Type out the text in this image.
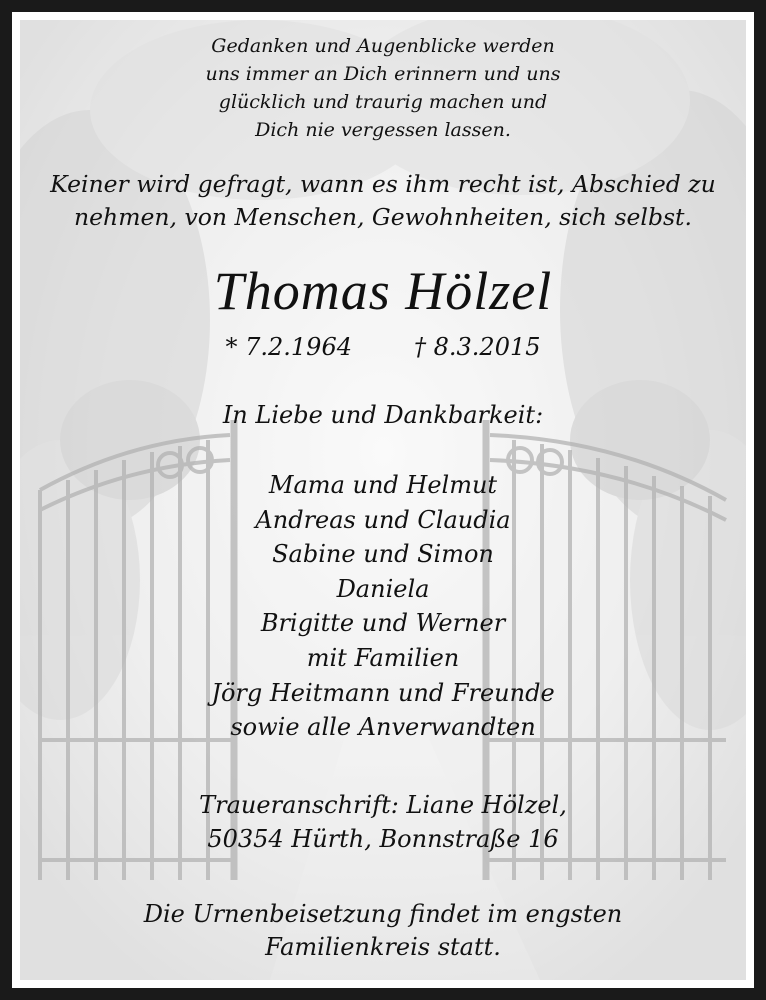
Gedanken und Augenblicke werden
uns immer an Dich erinnern und uns
glücklich und traurig machen und
Dich nie vergessen lassen.
Keiner wird gefragt, wann es ihm recht ist, Abschied zu
nehmen, von Menschen, Gewohnheiten, sich selbst.
Thomas Hölzel
* 7.2.1964	† 8.3.2015
In Liebe und Dankbarkeit:
Mama und Helmut
Andreas und Claudia
Sabine und Simon
Daniela
Brigitte und Werner
mit Familien
Jörg Heitmann und Freunde
sowie alle Anverwandten
Traueranschrift: Liane Hölzel,
50354 Hürth, Bonnstraße 16
Die Urnenbeisetzung findet im engsten
Familienkreis statt.
